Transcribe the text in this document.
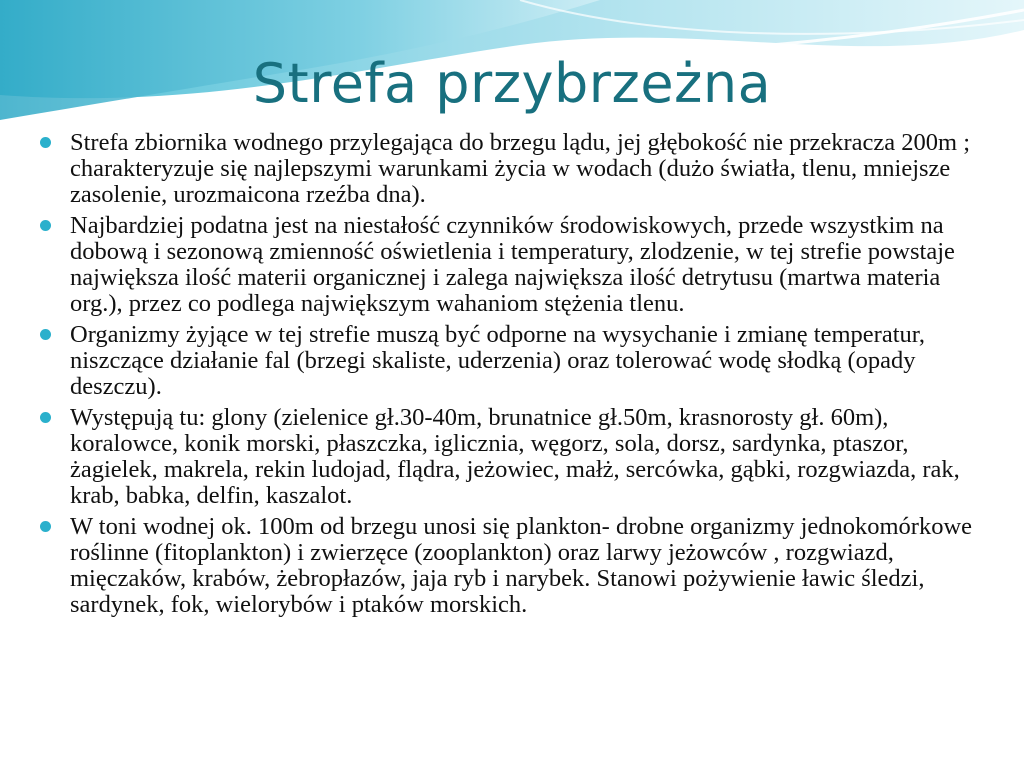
Strefa przybrzeżna
Strefa zbiornika wodnego przylegająca do brzegu lądu, jej głębokość nie przekracza 200m ; charakteryzuje się najlepszymi warunkami życia w wodach (dużo światła, tlenu, mniejsze zasolenie, urozmaicona rzeźba dna).
Najbardziej podatna jest na niestałość czynników środowiskowych, przede wszystkim na dobową i sezonową zmienność oświetlenia i temperatury, zlodzenie, w tej strefie powstaje największa ilość materii organicznej i zalega największa ilość detrytusu (martwa materia org.), przez co podlega największym wahaniom stężenia tlenu.
Organizmy żyjące w tej strefie muszą być odporne na wysychanie i zmianę temperatur, niszczące działanie fal (brzegi skaliste, uderzenia) oraz tolerować wodę słodką (opady deszczu).
Występują tu: glony (zielenice gł.30-40m, brunatnice gł.50m, krasnorosty gł. 60m), koralowce, konik morski, płaszczka, iglicznia, węgorz, sola, dorsz, sardynka, ptaszor, żagielek, makrela, rekin ludojad, flądra, jeżowiec, małż, sercówka, gąbki, rozgwiazda, rak, krab, babka, delfin, kaszalot.
W toni wodnej ok. 100m od brzegu unosi się plankton- drobne organizmy jednokomórkowe roślinne (fitoplankton) i zwierzęce (zooplankton) oraz larwy jeżowców , rozgwiazd, mięczaków, krabów, żebropłazów, jaja ryb i narybek. Stanowi pożywienie ławic śledzi, sardynek, fok, wielorybów i ptaków morskich.
